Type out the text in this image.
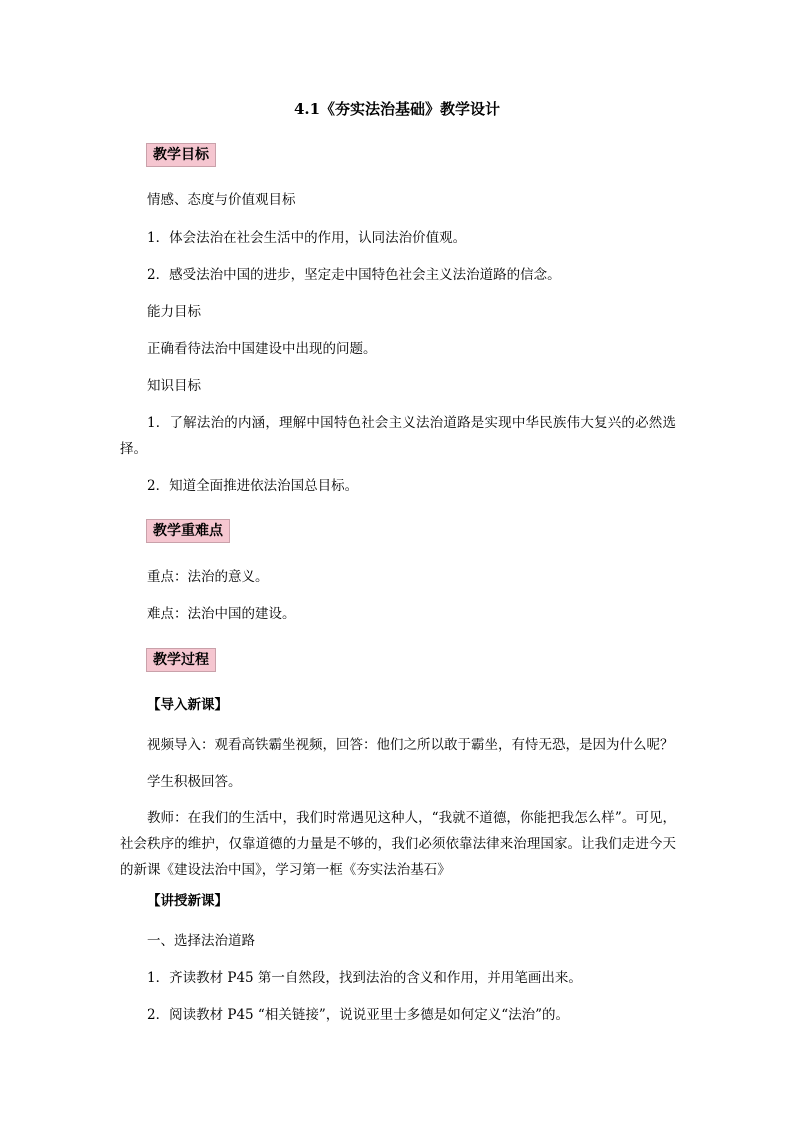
4.1《夯实法治基础》教学设计
教学目标

情感、态度与价值观目标

1．体会法治在社会生活中的作用，认同法治价值观。

2．感受法治中国的进步，坚定走中国特色社会主义法治道路的信念。

能力目标

正确看待法治中国建设中出现的问题。

知识目标

1．了解法治的内涵，理解中国特色社会主义法治道路是实现中华民族伟大复兴的必然选择。

2．知道全面推进依法治国总目标。

教学重难点

重点：法治的意义。

难点：法治中国的建设。

教学过程

【导入新课】

视频导入：观看高铁霸坐视频，回答：他们之所以敢于霸坐，有恃无恐，是因为什么呢？

学生积极回答。

教师：在我们的生活中，我们时常遇见这种人，“我就不道德，你能把我怎么样”。可见，社会秩序的维护，仅靠道德的力量是不够的，我们必须依靠法律来治理国家。让我们走进今天的新课《建设法治中国》，学习第一框《夯实法治基石》

【讲授新课】

一、选择法治道路

1．齐读教材 P45 第一自然段，找到法治的含义和作用，并用笔画出来。

2．阅读教材 P45 “相关链接”，说说亚里士多德是如何定义“法治”的。
